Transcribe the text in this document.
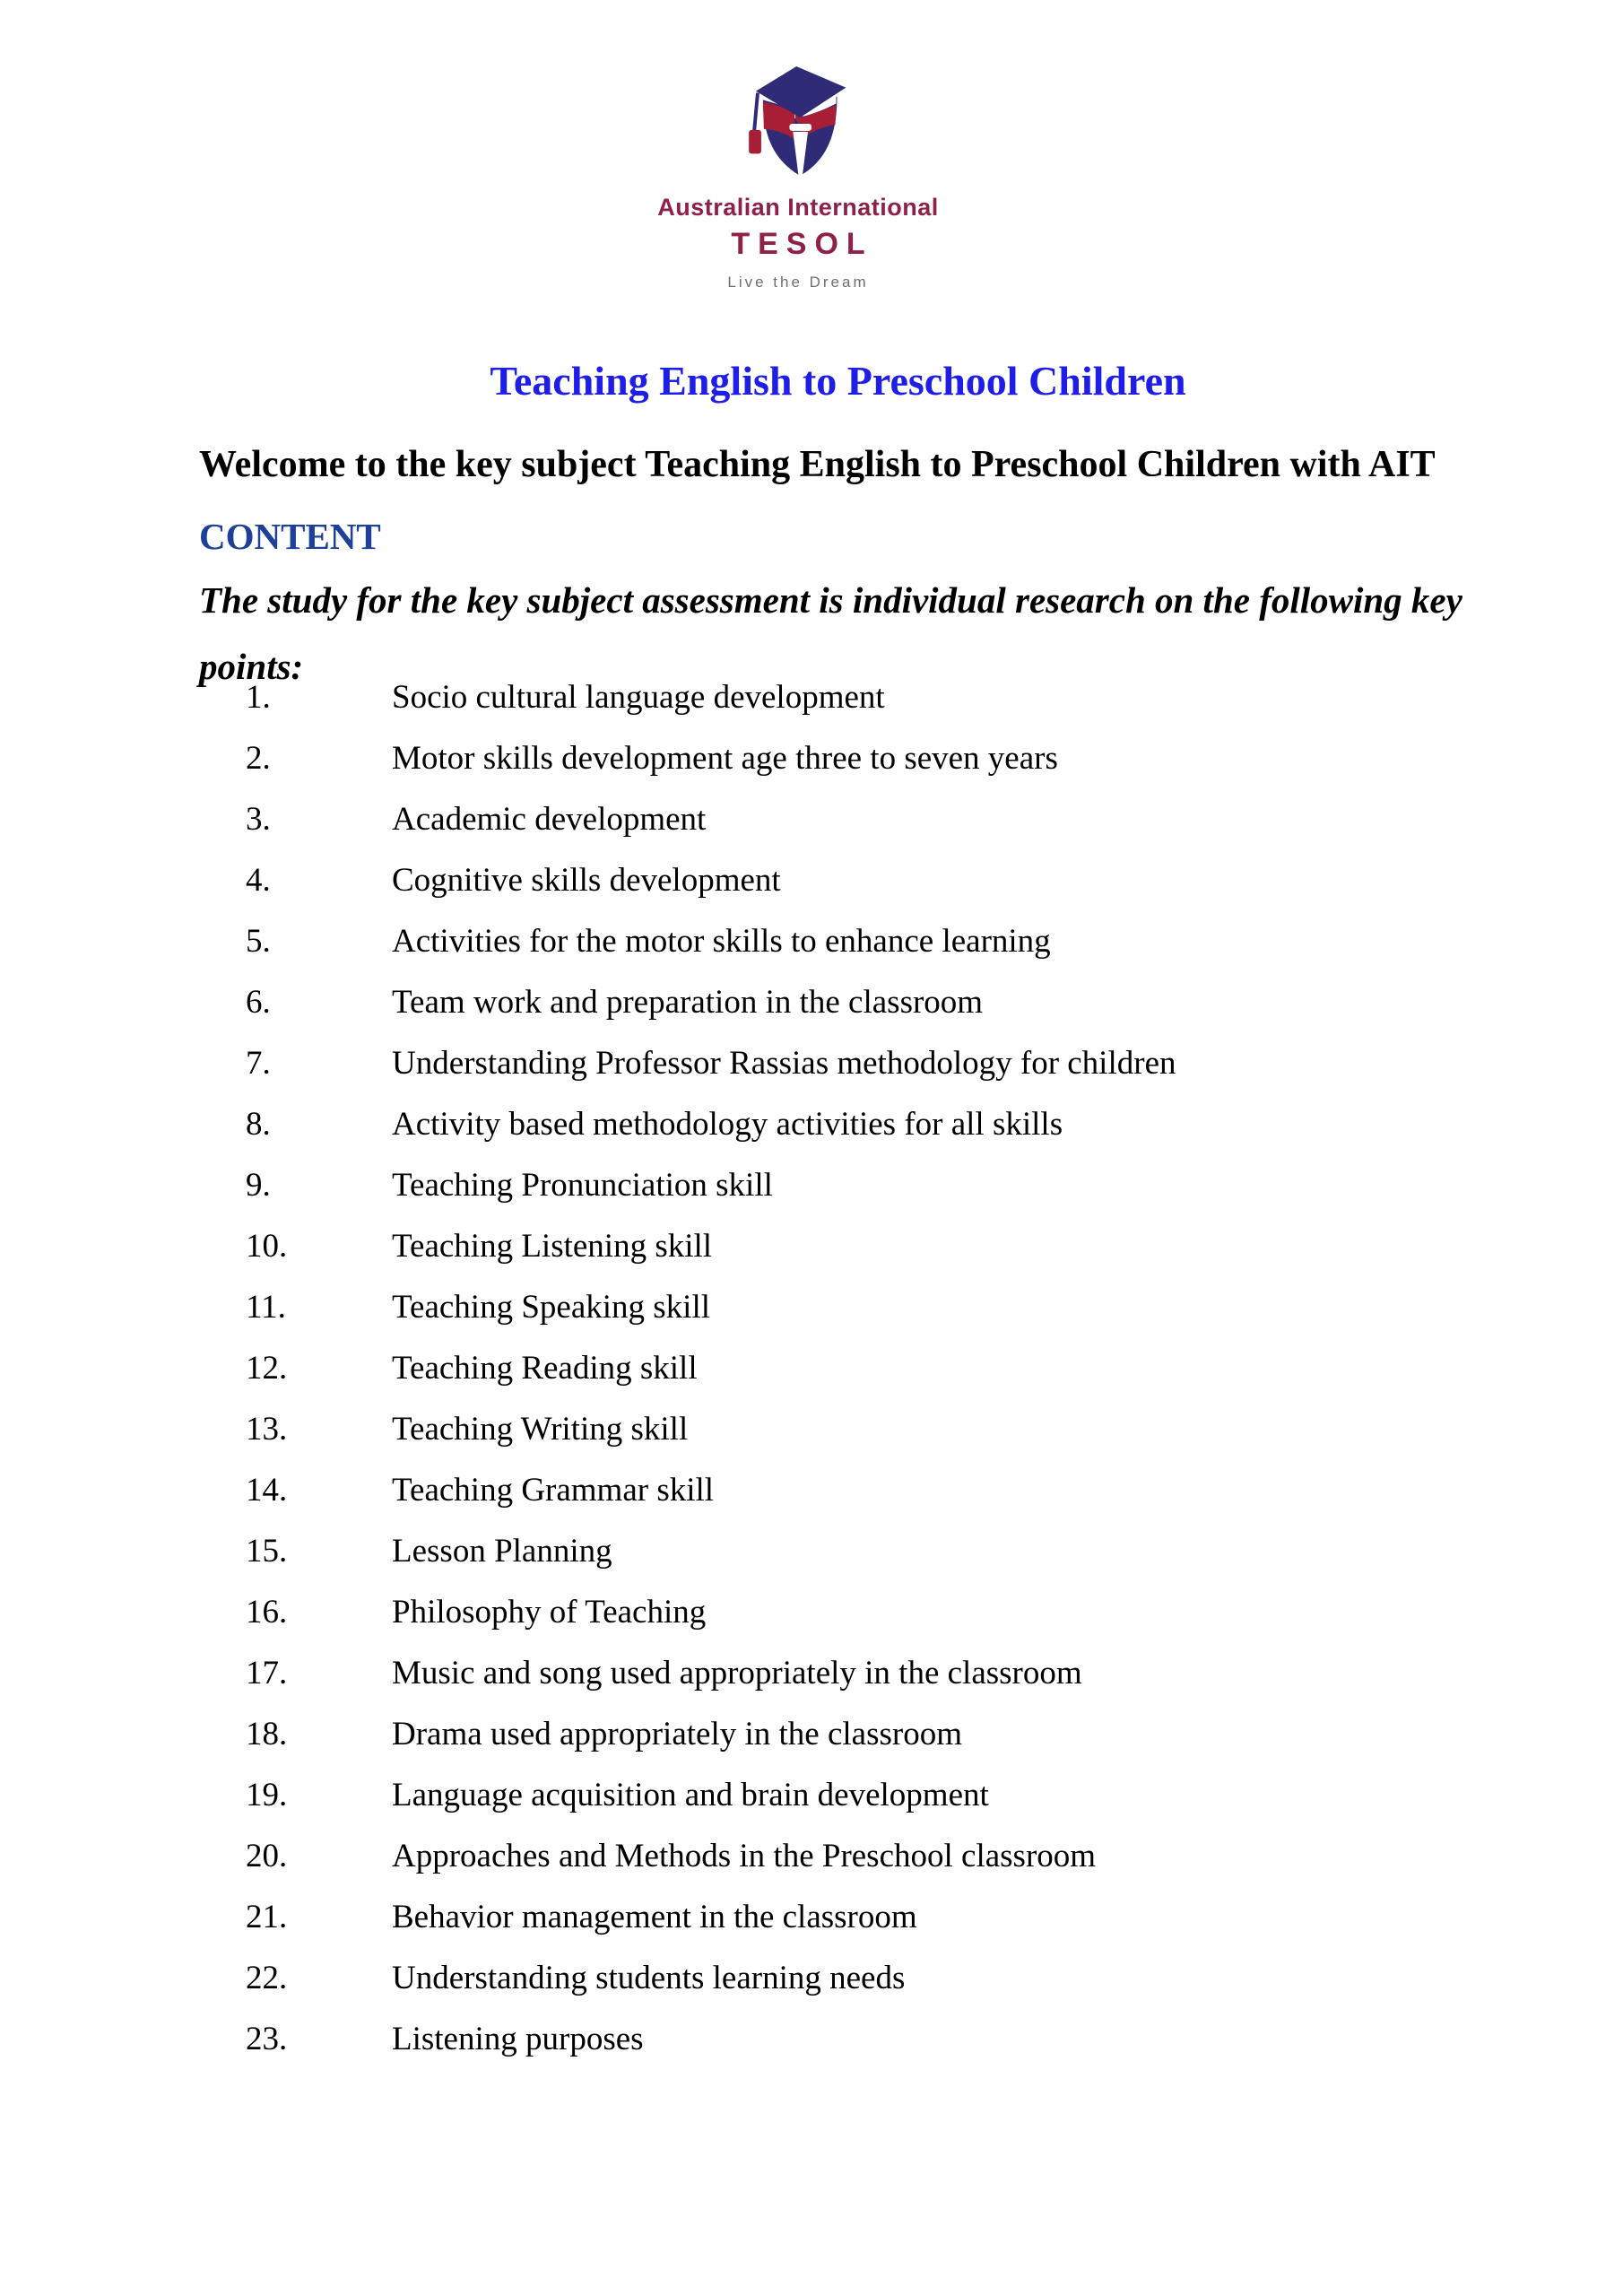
Australian International
TESOL
Live the Dream
Teaching English to Preschool Children
Welcome to the key subject Teaching English to Preschool Children with AIT
CONTENT
The study for the key subject assessment is individual research on the following key
points:
1.	Socio cultural language development
2.	Motor skills development age three to seven years
3.	Academic development
4.	Cognitive skills development
5.	Activities for the motor skills to enhance learning
6.	Team work and preparation in the classroom
7.	Understanding Professor Rassias methodology for children
8.	Activity based methodology activities for all skills
9.	Teaching Pronunciation skill
10.	Teaching Listening skill
11.	Teaching Speaking skill
12.	Teaching Reading skill
13.	Teaching Writing skill
14.	Teaching Grammar skill
15.	Lesson Planning
16.	Philosophy of Teaching
17.	Music and song used appropriately in the classroom
18.	Drama used appropriately in the classroom
19.	Language acquisition and brain development
20.	Approaches and Methods in the Preschool classroom
21.	Behavior management in the classroom
22.	Understanding students learning needs
23.	Listening purposes
